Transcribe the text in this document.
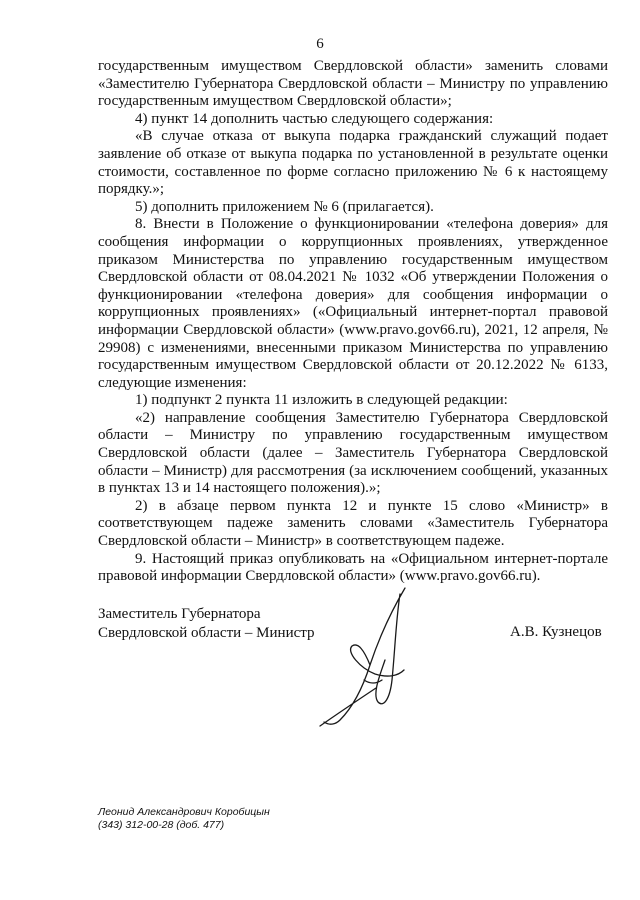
6

государственным имуществом Свердловской области» заменить словами «Заместителю Губернатора Свердловской области – Министру по управлению государственным имуществом Свердловской области»;

4) пункт 14 дополнить частью следующего содержания:

«В случае отказа от выкупа подарка гражданский служащий подает заявление об отказе от выкупа подарка по установленной в результате оценки стоимости, составленное по форме согласно приложению № 6 к настоящему порядку.»;

5) дополнить приложением № 6 (прилагается).

8. Внести в Положение о функционировании «телефона доверия» для сообщения информации о коррупционных проявлениях, утвержденное приказом Министерства по управлению государственным имуществом Свердловской области от 08.04.2021 № 1032 «Об утверждении Положения о функционировании «телефона доверия» для сообщения информации о коррупционных проявлениях» («Официальный интернет-портал правовой информации Свердловской области» (www.pravo.gov66.ru), 2021, 12 апреля, № 29908) с изменениями, внесенными приказом Министерства по управлению государственным имуществом Свердловской области от 20.12.2022 № 6133, следующие изменения:

1) подпункт 2 пункта 11 изложить в следующей редакции:

«2) направление сообщения Заместителю Губернатора Свердловской области – Министру по управлению государственным имуществом Свердловской области (далее – Заместитель Губернатора Свердловской области – Министр) для рассмотрения (за исключением сообщений, указанных в пунктах 13 и 14 настоящего положения).»;

2) в абзаце первом пункта 12 и пункте 15 слово «Министр» в соответствующем падеже заменить словами «Заместитель Губернатора Свердловской области – Министр» в соответствующем падеже.

9. Настоящий приказ опубликовать на «Официальном интернет-портале правовой информации Свердловской области» (www.pravo.gov66.ru).

Заместитель Губернатора
Свердловской области – Министр	А.В. Кузнецов
Леонид Александрович Коробицын
(343) 312-00-28 (доб. 477)
